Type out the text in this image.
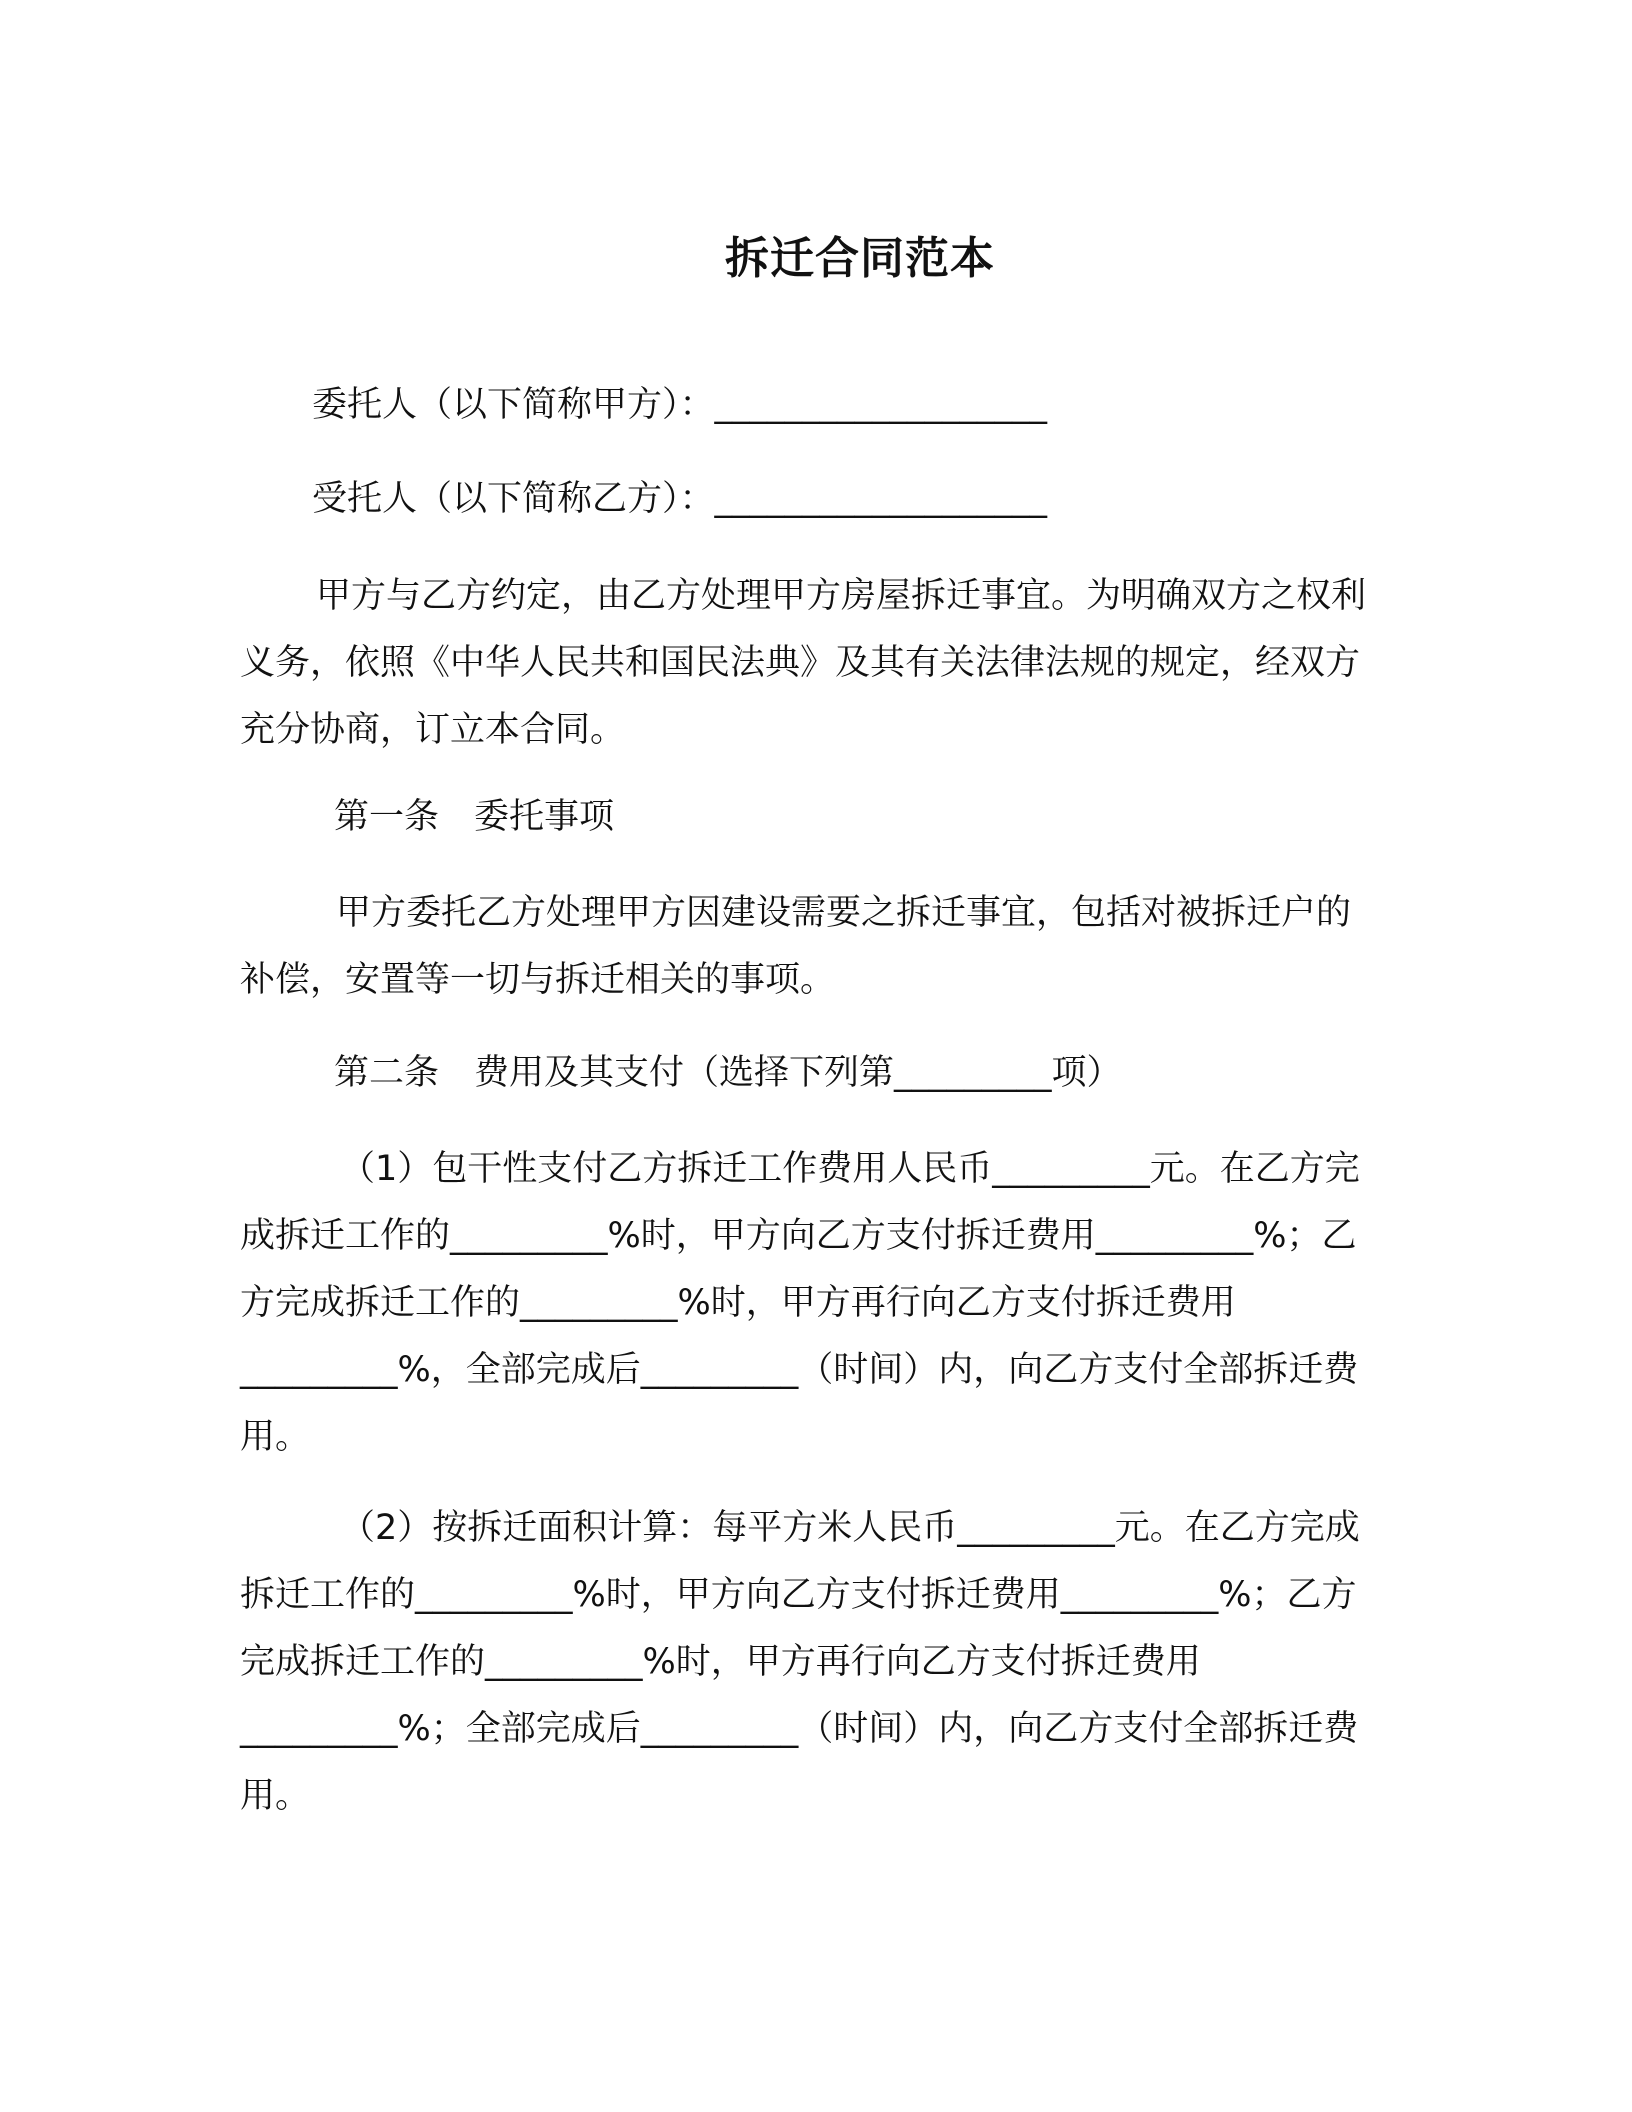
拆迁合同范本
委托人（以下简称甲方）：___________________
受托人（以下简称乙方）：___________________

甲方与乙方约定，由乙方处理甲方房屋拆迁事宜。为明确双方之权利义务，依照《中华人民共和国民法典》及其有关法律法规的规定，经双方充分协商，订立本合同。

第一条　委托事项

甲方委托乙方处理甲方因建设需要之拆迁事宜，包括对被拆迁户的补偿，安置等一切与拆迁相关的事项。

第二条　费用及其支付（选择下列第_________项）

（1）包干性支付乙方拆迁工作费用人民币_________元。在乙方完成拆迁工作的_________%时，甲方向乙方支付拆迁费用_________%；乙方完成拆迁工作的_________%时，甲方再行向乙方支付拆迁费用_________%，全部完成后_________（时间）内，向乙方支付全部拆迁费用。

（2）按拆迁面积计算：每平方米人民币_________元。在乙方完成拆迁工作的_________%时，甲方向乙方支付拆迁费用_________%；乙方完成拆迁工作的_________%时，甲方再行向乙方支付拆迁费用_________%；全部完成后_________（时间）内，向乙方支付全部拆迁费用。
